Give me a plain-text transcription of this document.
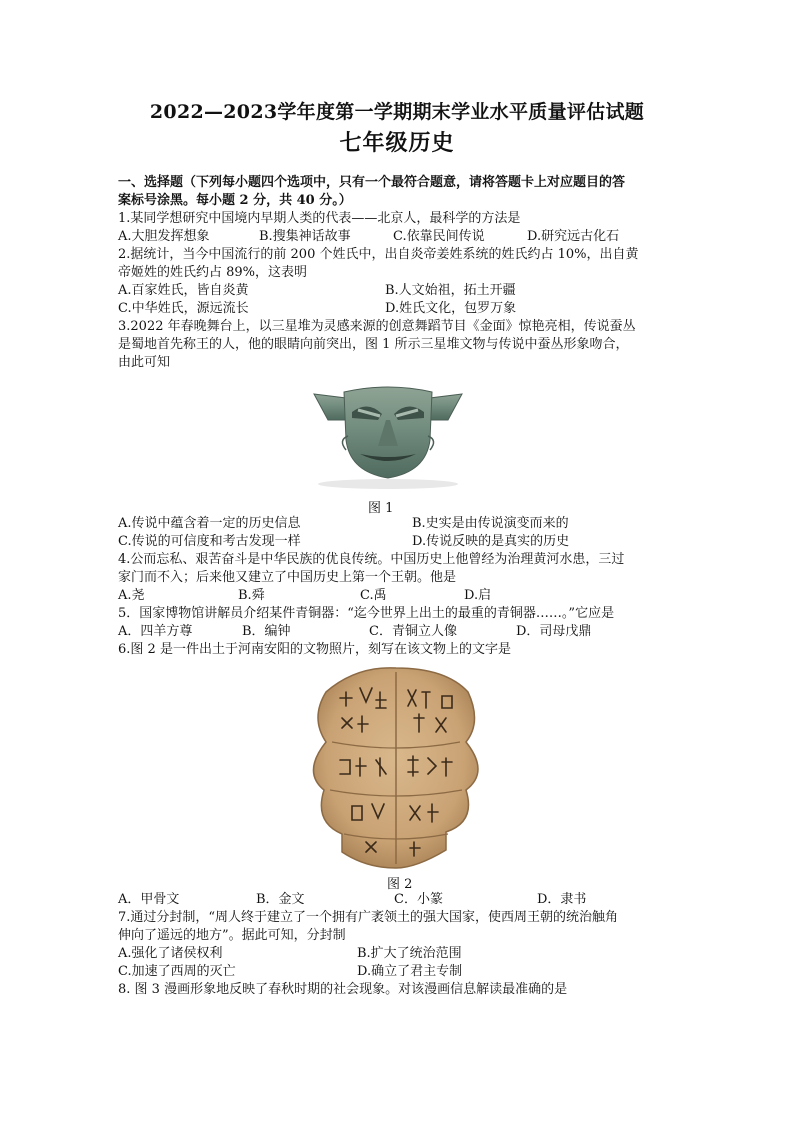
2022—2023学年度第一学期期末学业水平质量评估试题
七年级历史
一、选择题（下列每小题四个选项中，只有一个最符合题意，请将答题卡上对应题目的答
案标号涂黑。每小题 2 分，共 40 分。）
1.某同学想研究中国境内早期人类的代表——北京人，最科学的方法是
A.大胆发挥想象	B.搜集神话故事	C.依靠民间传说	D.研究远古化石
2.据统计，当今中国流行的前 200 个姓氏中，出自炎帝姜姓系统的姓氏约占 10%，出自黄
帝姬姓的姓氏约占 89%，这表明
A.百家姓氏，皆自炎黄	B.人文始祖，拓土开疆
C.中华姓氏，源远流长	D.姓氏文化，包罗万象
3.2022 年春晚舞台上，以三星堆为灵感来源的创意舞蹈节目《金面》惊艳亮相，传说蚕丛
是蜀地首先称王的人，他的眼睛向前突出，图 1 所示三星堆文物与传说中蚕丛形象吻合，
由此可知
图 1
A.传说中蕴含着一定的历史信息	B.史实是由传说演变而来的
C.传说的可信度和考古发现一样	D.传说反映的是真实的历史
4.公而忘私、艰苦奋斗是中华民族的优良传统。中国历史上他曾经为治理黄河水患，三过
家门而不入；后来他又建立了中国历史上第一个王朝。他是
A.尧	B.舜	C.禹	D.启
5．国家博物馆讲解员介绍某件青铜器：“迄今世界上出土的最重的青铜器……。”它应是
A．四羊方尊	B．编钟	C．青铜立人像	D．司母戊鼎
6.图 2 是一件出土于河南安阳的文物照片，刻写在该文物上的文字是
图 2
A．甲骨文	B．金文	C．小篆	D．隶书
7.通过分封制，“周人终于建立了一个拥有广袤领土的强大国家，使西周王朝的统治触角
伸向了遥远的地方”。据此可知，分封制
A.强化了诸侯权利	B.扩大了统治范围
C.加速了西周的灭亡	D.确立了君主专制
8. 图 3 漫画形象地反映了春秋时期的社会现象。对该漫画信息解读最准确的是
